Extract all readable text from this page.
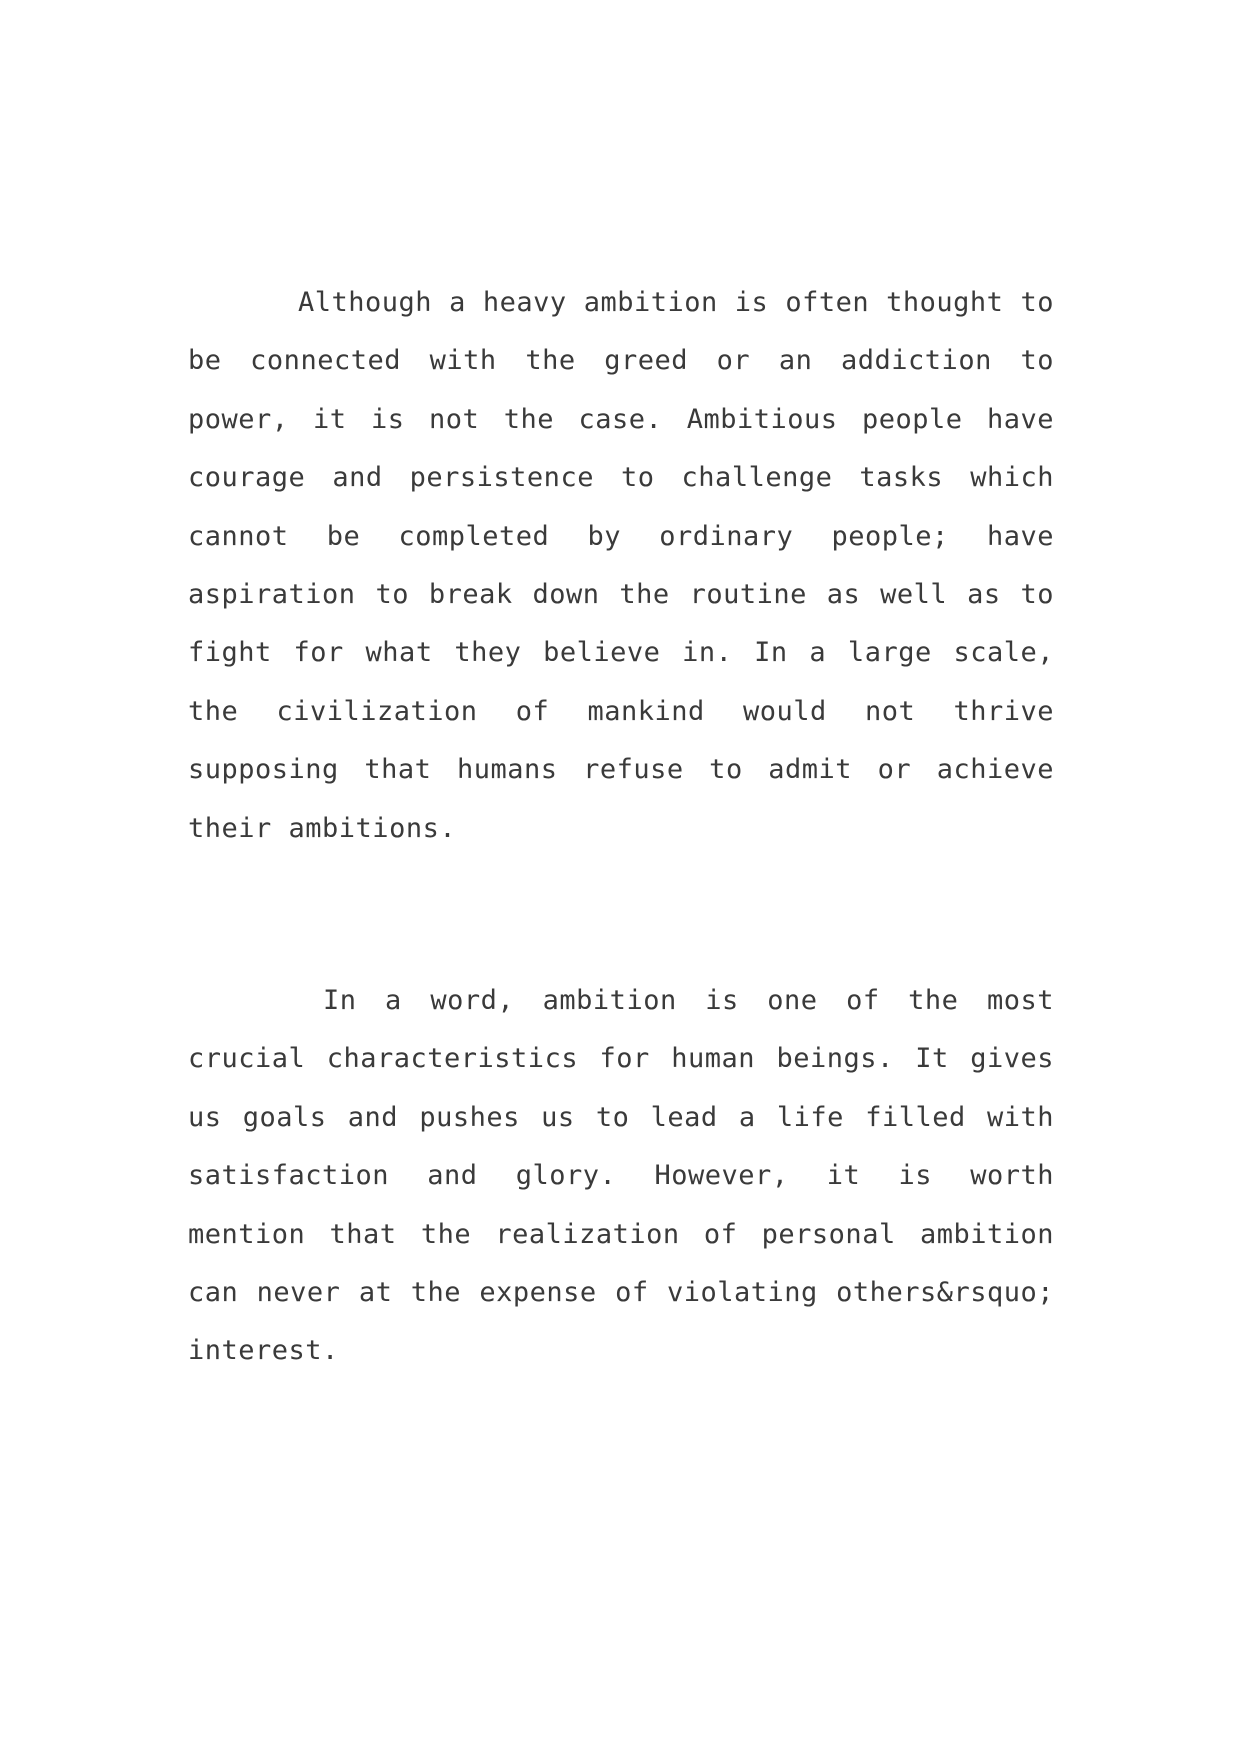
Although a heavy ambition is often thought to be connected with the greed or an addiction to power, it is not the case. Ambitious people have courage and persistence to challenge tasks which cannot be completed by ordinary people; have aspiration to break down the routine as well as to fight for what they believe in. In a large scale, the civilization of mankind would not thrive supposing that humans refuse to admit or achieve their ambitions.

In a word, ambition is one of the most crucial characteristics for human beings. It gives us goals and pushes us to lead a life filled with satisfaction and glory. However, it is worth mention that the realization of personal ambition can never at the expense of violating others&rsquo; interest.
